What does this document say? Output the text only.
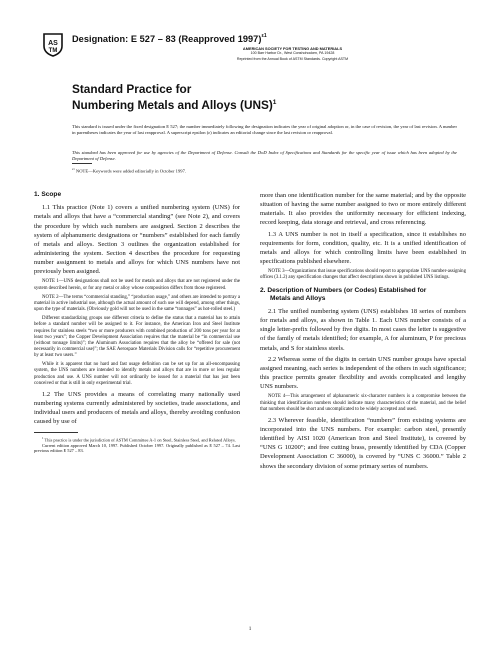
AS
TM
Designation: E 527 – 83 (Reapproved 1997)$^{\varepsilon 1}$
AMERICAN SOCIETY FOR TESTING AND MATERIALS
100 Barr Harbor Dr., West Conshohocken, PA 19428
Reprinted from the Annual Book of ASTM Standards. Copyright ASTM
Standard Practice for
Numbering Metals and Alloys (UNS)$^1$
This standard is issued under the fixed designation E 527; the number immediately following the designation indicates the year of original adoption or, in the case of revision, the year of last revision. A number in parentheses indicates the year of last reapproval. A superscript epsilon (ε) indicates an editorial change since the last revision or reapproval.
This standard has been approved for use by agencies of the Department of Defense. Consult the DoD Index of Specifications and Standards for the specific year of issue which has been adopted by the Department of Defense.
$^{\varepsilon 1}$ NOTE—Keywords were added editorially in October 1997.
1. Scope
1.1 This practice (Note 1) covers a unified numbering system (UNS) for metals and alloys that have a “commercial standing” (see Note 2), and covers the procedure by which such numbers are assigned. Section 2 describes the system of alphanumeric designations or “numbers” established for each family of metals and alloys. Section 3 outlines the organization established for administering the system. Section 4 describes the procedure for requesting number assignment to metals and alloys for which UNS numbers have not previously been assigned.
NOTE 1—UNS designations shall not be used for metals and alloys that are not registered under the system described herein, or for any metal or alloy whose composition differs from those registered.
NOTE 2—The terms “commercial standing,” “production usage,” and others are intended to portray a material in active industrial use, although the actual amount of such use will depend, among other things, upon the type of materials. (Obviously gold will not be used in the same “tonnages” as hot-rolled steel.)
Different standardizing groups use different criteria to define the status that a material has to attain before a standard number will be assigned to it. For instance, the American Iron and Steel Institute requires for stainless steels “two or more producers with combined production of 200 tons per year for at least two years”; the Copper Development Association requires that the material be “in commercial use (without tonnage limits)”; the Aluminum Association requires that the alloy be “offered for sale (not necessarily in commercial use)”; the SAE Aerospace Materials Division calls for “repetitive procurement by at least two users.”
While it is apparent that no hard and fast usage definition can be set up for an all-encompassing system, the UNS numbers are intended to identify metals and alloys that are in more or less regular production and use. A UNS number will not ordinarily be issued for a material that has just been conceived or that is still in only experimental trial.
1.2 The UNS provides a means of correlating many nationally used numbering systems currently administered by societies, trade associations, and individual users and producers of metals and alloys, thereby avoiding confusion caused by use of
$^1$ This practice is under the jurisdiction of ASTM Committee A-1 on Steel, Stainless Steel, and Related Alloys.
Current edition approved March 10, 1997. Published October 1997. Originally published as E 527 – 74. Last previous edition E 527 – 83.
more than one identification number for the same material; and by the opposite situation of having the same number assigned to two or more entirely different materials. It also provides the uniformity necessary for efficient indexing, record keeping, data storage and retrieval, and cross referencing.
1.3 A UNS number is not in itself a specification, since it establishes no requirements for form, condition, quality, etc. It is a unified identification of metals and alloys for which controlling limits have been established in specifications published elsewhere.
NOTE 3—Organizations that issue specifications should report to appropriate UNS number-assigning offices (3.1.2) any specification changes that affect descriptions shown in published UNS listings.
2. Description of Numbers (or Codes) Established for
Metals and Alloys
2.1 The unified numbering system (UNS) establishes 18 series of numbers for metals and alloys, as shown in Table 1. Each UNS number consists of a single letter-prefix followed by five digits. In most cases the letter is suggestive of the family of metals identified; for example, A for aluminum, P for precious metals, and S for stainless steels.
2.2 Whereas some of the digits in certain UNS number groups have special assigned meaning, each series is independent of the others in such significance; this practice permits greater flexibility and avoids complicated and lengthy UNS numbers.
NOTE 4—This arrangement of alphanumeric six-character numbers is a compromise between the thinking that identification numbers should indicate many characteristics of the material, and the belief that numbers should be short and uncomplicated to be widely accepted and used.
2.3 Wherever feasible, identification “numbers” from existing systems are incorporated into the UNS numbers. For example: carbon steel, presently identified by AISI 1020 (American Iron and Steel Institute), is covered by “UNS G 10200”; and free cutting brass, presently identified by CDA (Copper Development Association C 36000), is covered by “UNS C 36000.” Table 2 shows the secondary division of some primary series of numbers.
1
